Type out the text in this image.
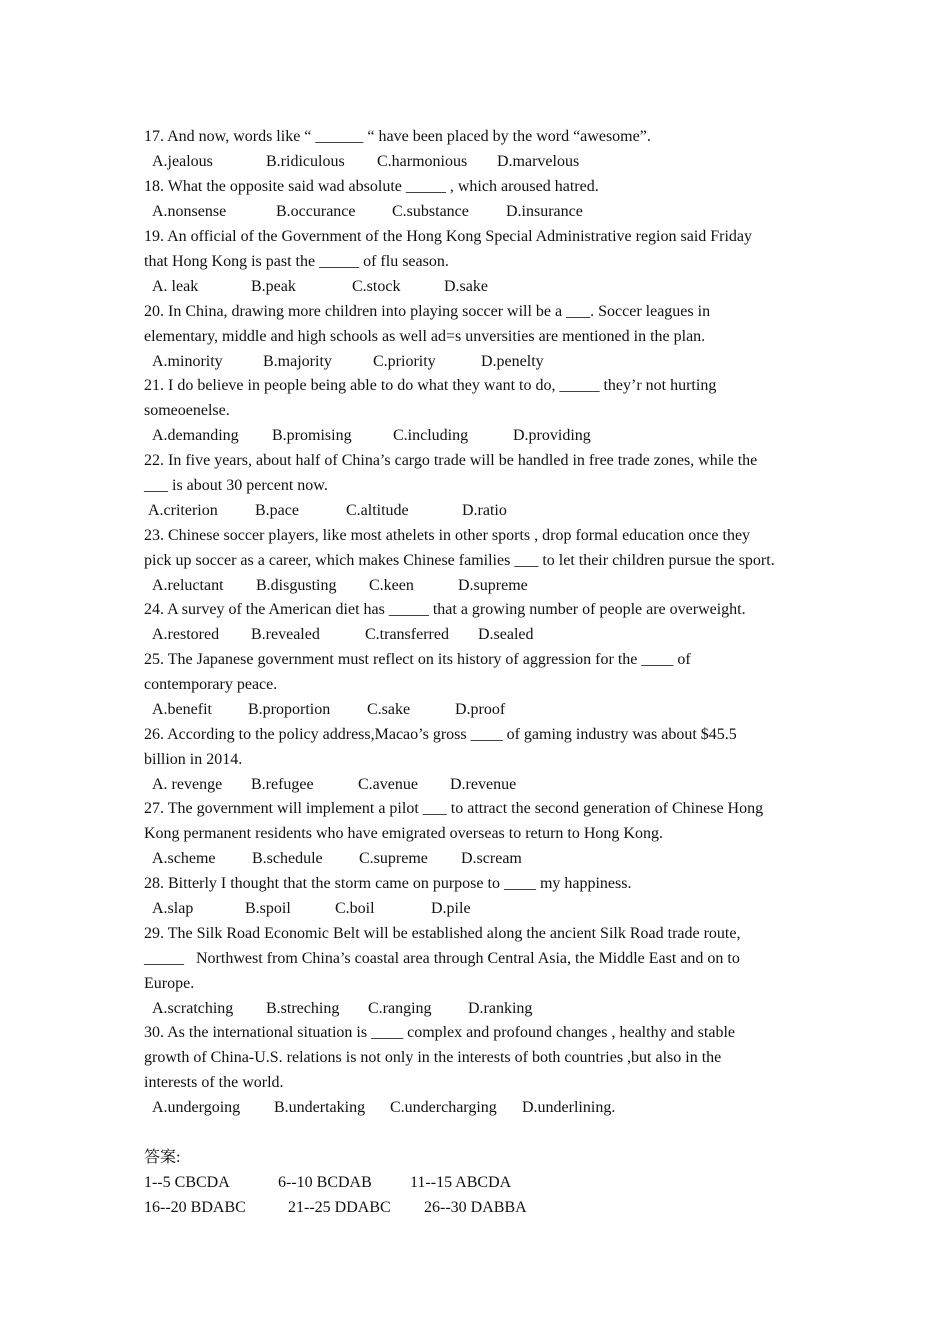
17. And now, words like “ ______ “ have been placed by the word “awesome”.
A.jealous	B.ridiculous C.harmonious D.marvelous
18. What the opposite said wad absolute _____ , which aroused hatred.
A.nonsense	B.occurance C.substance D.insurance
19. An official of the Government of the Hong Kong Special Administrative region said Friday
that Hong Kong is past the _____ of flu season.
A. leak	B.peak	C.stock	D.sake
20. In China, drawing more children into playing soccer will be a ___. Soccer leagues in
elementary, middle and high schools as well ad=s unversities are mentioned in the plan.
A.minority	B.majority	C.priority	D.penelty
21. I do believe in people being able to do what they want to do, _____ they’r not hurting
someoenelse.
A.demanding B.promising	C.including	D.providing
22. In five years, about half of China’s cargo trade will be handled in free trade zones, while the
___ is about 30 percent now.
A.criterion B.pace	C.altitude	D.ratio
23. Chinese soccer players, like most athelets in other sports , drop formal education once they
pick up soccer as a career, which makes Chinese families ___ to let their children pursue the sport.
A.reluctant B.disgusting C.keen	D.supreme
24. A survey of the American diet has _____ that a growing number of people are overweight.
A.restored B.revealed	C.transferred D.sealed
25. The Japanese government must reflect on its history of aggression for the ____ of
contemporary peace.
A.benefit B.proportion C.sake	D.proof
26. According to the policy address,Macao’s gross ____ of gaming industry was about $45.5
billion in 2014.
A. revenge B.refugee	C.avenue D.revenue
27. The government will implement a pilot ___ to attract the second generation of Chinese Hong
Kong permanent residents who have emigrated overseas to return to Hong Kong.
A.scheme B.schedule C.supreme D.scream
28. Bitterly I thought that the storm came on purpose to ____ my happiness.
A.slap	B.spoil	C.boil	D.pile
29. The Silk Road Economic Belt will be established along the ancient Silk Road trade route,
_____   Northwest from China’s coastal area through Central Asia, the Middle East and on to
Europe.
A.scratching B.streching C.ranging D.ranking
30. As the international situation is ____ complex and profound changes , healthy and stable
growth of China-U.S. relations is not only in the interests of both countries ,but also in the
interests of the world.
A.undergoing B.undertaking C.undercharging D.underlining.
答案:
1--5 CBCDA	6--10 BCDAB 11--15 ABCDA
16--20 BDABC	21--25 DDABC 26--30 DABBA
